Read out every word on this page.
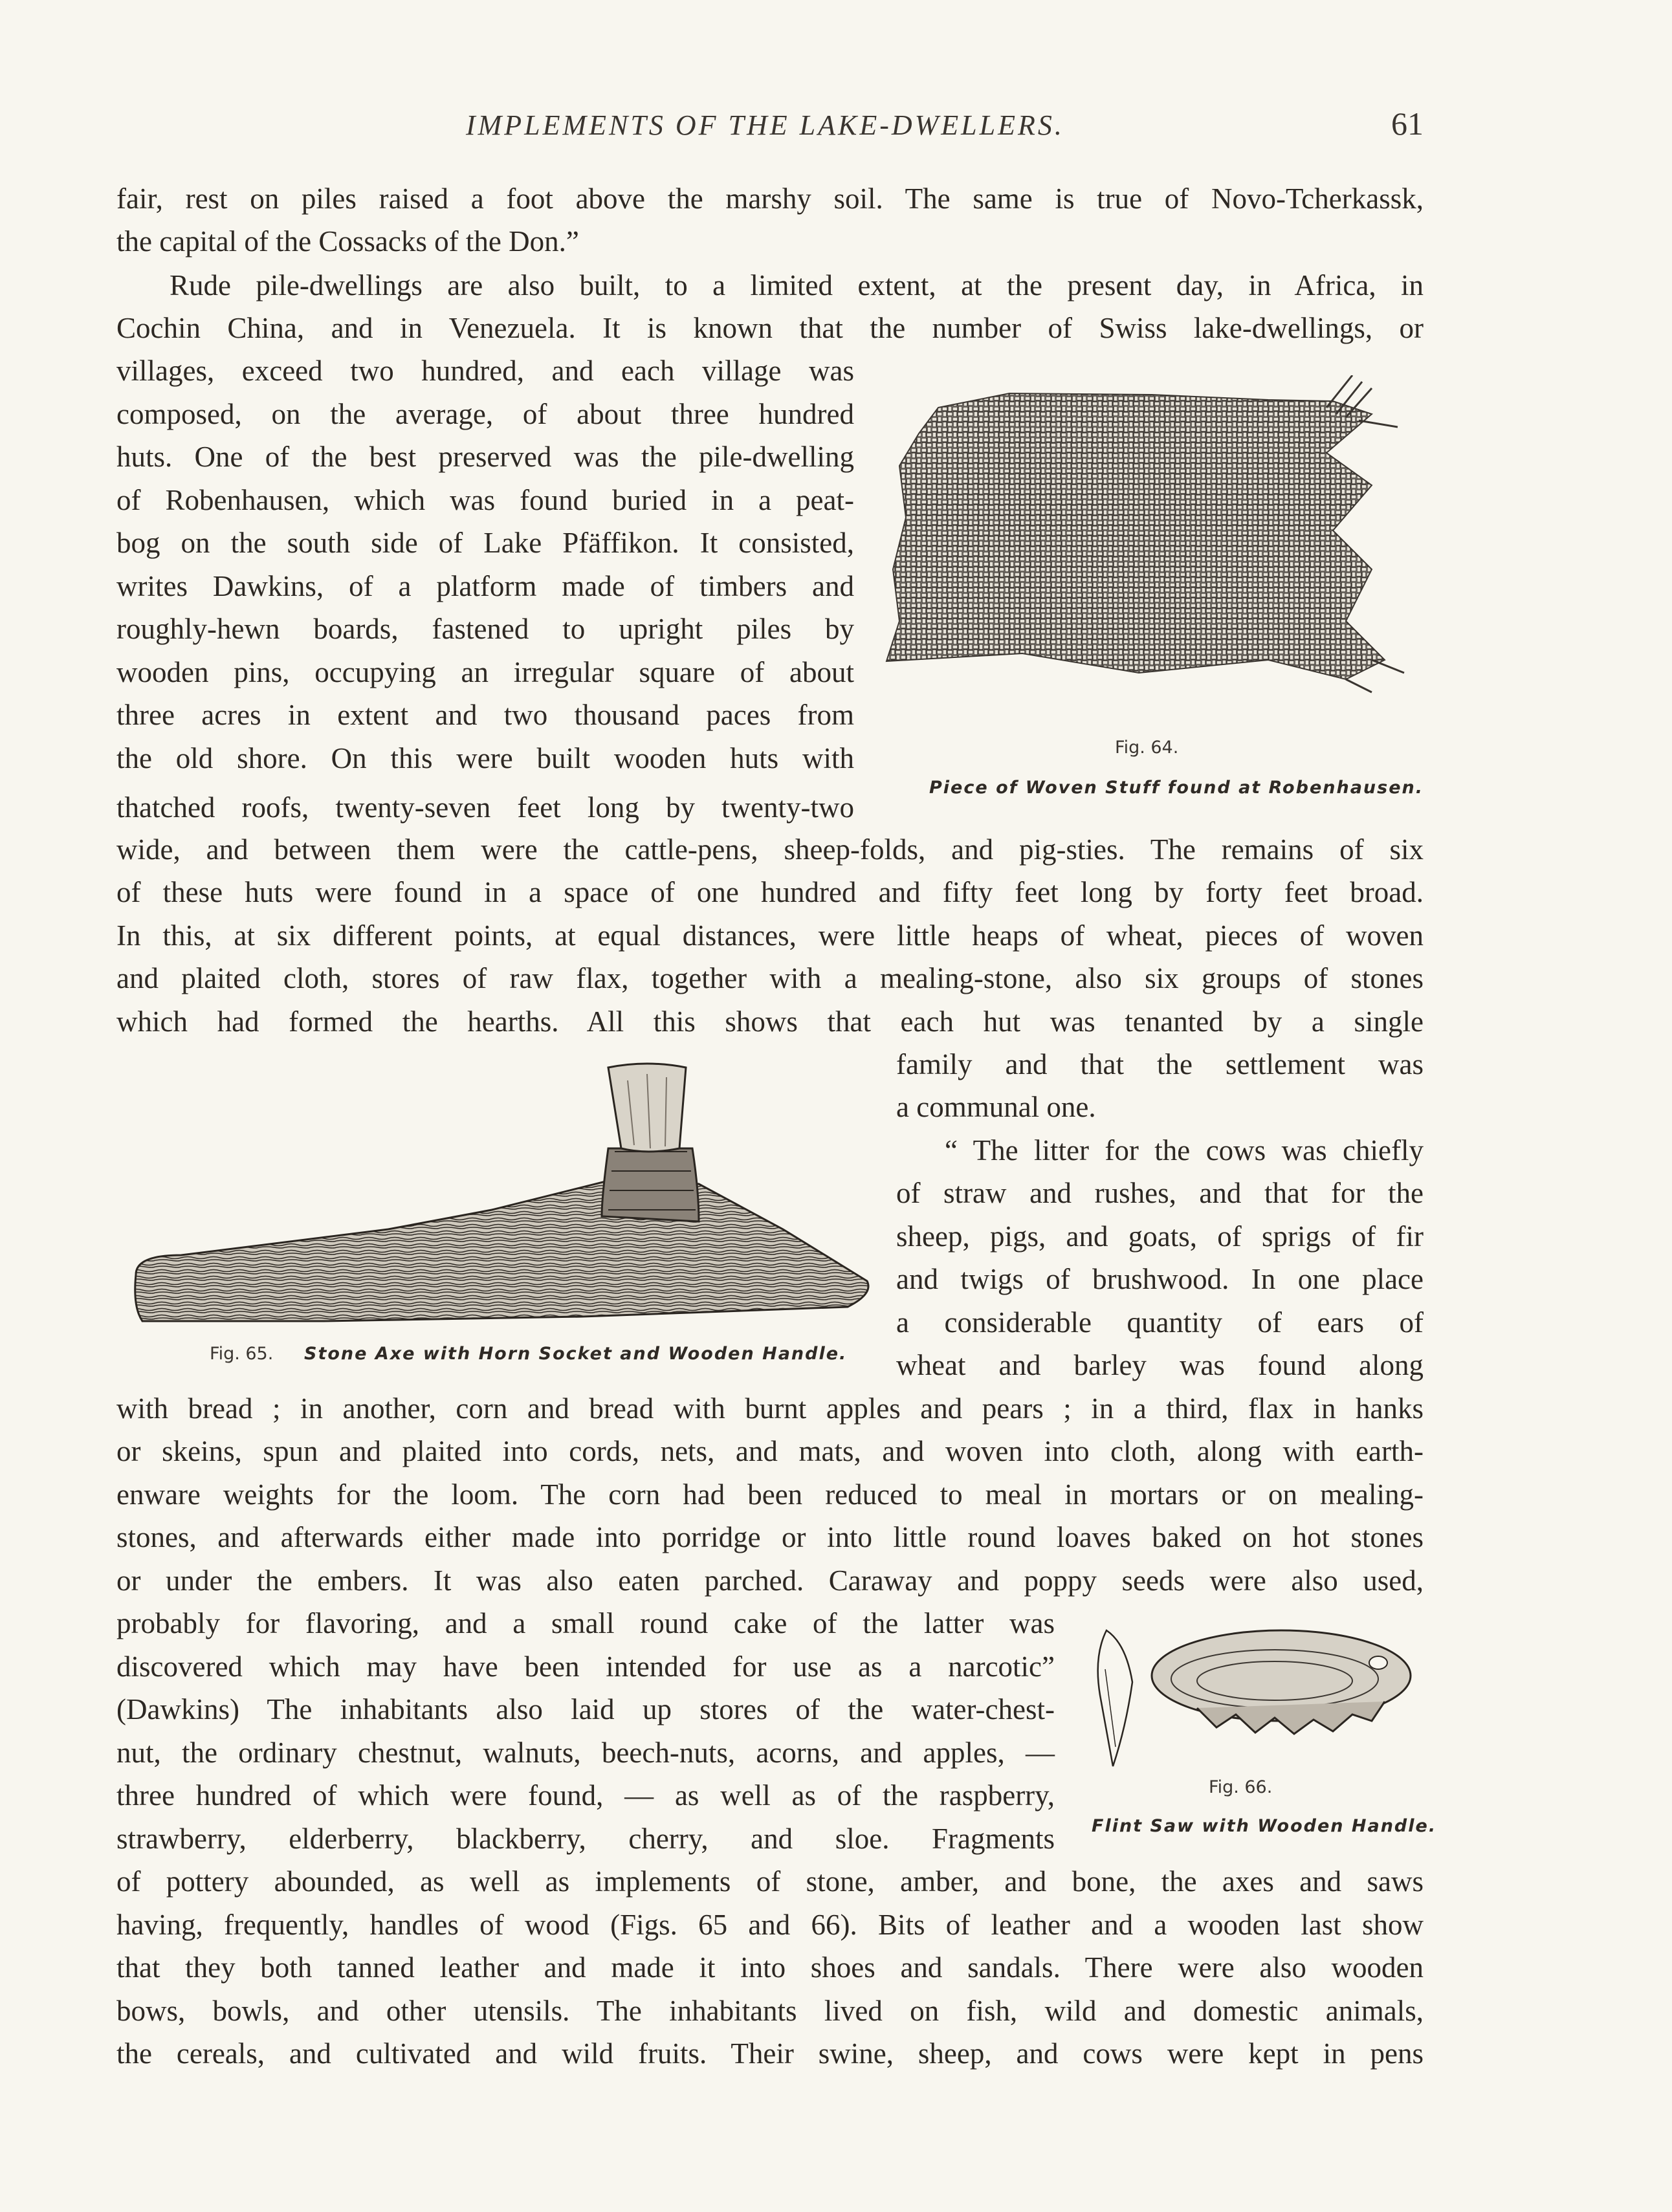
IMPLEMENTS OF THE LAKE-DWELLERS.	61
fair, rest on piles raised a foot above the marshy soil. The same is true of Novo-Tcherkassk,
the capital of the Cossacks of the Don.”
Rude pile-dwellings are also built, to a limited extent, at the present day, in Africa, in
Cochin China, and in Venezuela. It is known that the number of Swiss lake-dwellings, or
villages, exceed two hundred, and each village was
composed, on the average, of about three hundred
huts. One of the best preserved was the pile-dwelling
of Robenhausen, which was found buried in a peat-
bog on the south side of Lake Pfäffikon. It consisted,
writes Dawkins, of a platform made of timbers and
roughly-hewn boards, fastened to upright piles by
wooden pins, occupying an irregular square of about
three acres in extent and two thousand paces from
the old shore. On this were built wooden huts with
thatched roofs, twenty-seven feet long by twenty-two
wide, and between them were the cattle-pens, sheep-folds, and pig-sties. The remains of six
of these huts were found in a space of one hundred and fifty feet long by forty feet broad.
In this, at six different points, at equal distances, were little heaps of wheat, pieces of woven
and plaited cloth, stores of raw flax, together with a mealing-stone, also six groups of stones
which had formed the hearths. All this shows that each hut was tenanted by a single
family and that the settlement was
a communal one.
“ The litter for the cows was chiefly
of straw and rushes, and that for the
sheep, pigs, and goats, of sprigs of fir
and twigs of brushwood. In one place
a considerable quantity of ears of
wheat and barley was found along
with bread ; in another, corn and bread with burnt apples and pears ; in a third, flax in hanks
or skeins, spun and plaited into cords, nets, and mats, and woven into cloth, along with earth-
enware weights for the loom. The corn had been reduced to meal in mortars or on mealing-
stones, and afterwards either made into porridge or into little round loaves baked on hot stones
or under the embers. It was also eaten parched. Caraway and poppy seeds were also used,
probably for flavoring, and a small round cake of the latter was
discovered which may have been intended for use as a narcotic”
(Dawkins) The inhabitants also laid up stores of the water-chest-
nut, the ordinary chestnut, walnuts, beech-nuts, acorns, and apples, —
three hundred of which were found, — as well as of the raspberry,
strawberry, elderberry, blackberry, cherry, and sloe. Fragments
of pottery abounded, as well as implements of stone, amber, and bone, the axes and saws
having, frequently, handles of wood (Figs. 65 and 66). Bits of leather and a wooden last show
that they both tanned leather and made it into shoes and sandals. There were also wooden
bows, bowls, and other utensils. The inhabitants lived on fish, wild and domestic animals,
the cereals, and cultivated and wild fruits. Their swine, sheep, and cows were kept in pens
Fig. 64.
Piece of Woven Stuff found at Robenhausen.
Fig. 65. Stone Axe with Horn Socket and Wooden Handle.
Fig. 66.
Flint Saw with Wooden Handle.
